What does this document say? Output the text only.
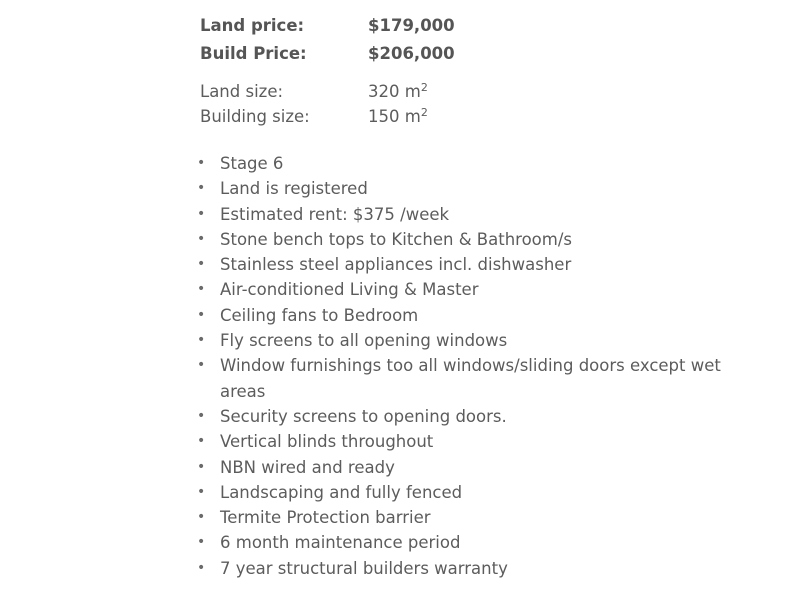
Land price:	$179,000
Build Price:	$206,000
Land size:	320 $m^2$
Building size:	150 $m^2$
• Stage 6
• Land is registered
• Estimated rent: $375 /week
• Stone bench tops to Kitchen & Bathroom/s
• Stainless steel appliances incl. dishwasher
• Air-conditioned Living & Master
• Ceiling fans to Bedroom
• Fly screens to all opening windows
• Window furnishings too all windows/sliding doors except wet areas
• Security screens to opening doors.
• Vertical blinds throughout
• NBN wired and ready
• Landscaping and fully fenced
• Termite Protection barrier
• 6 month maintenance period
• 7 year structural builders warranty
